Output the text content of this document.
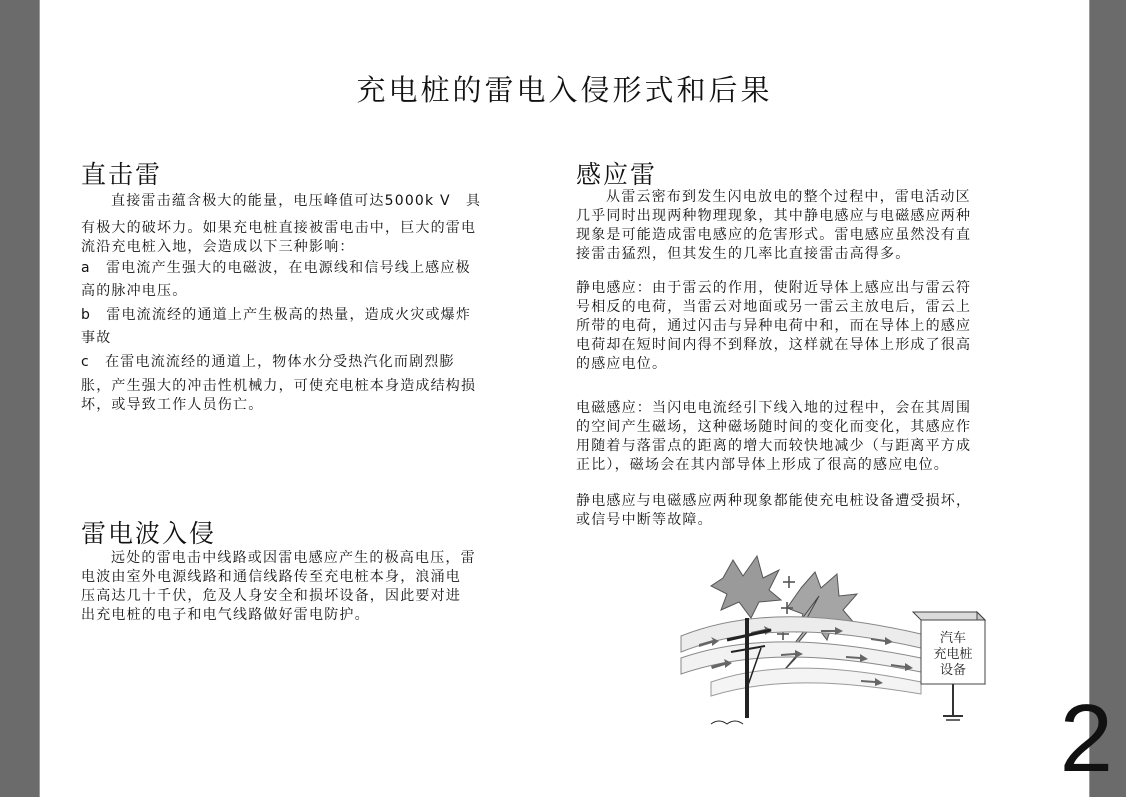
充电桩的雷电入侵形式和后果
直击雷

直接雷击蕴含极大的能量，电压峰值可达5000k V　具

有极大的破坏力。如果充电桩直接被雷电击中，巨大的雷电

流沿充电桩入地，会造成以下三种影响：

a　雷电流产生强大的电磁波，在电源线和信号线上感应极

高的脉冲电压。

b　雷电流流经的通道上产生极高的热量，造成火灾或爆炸

事故

c　在雷电流流经的通道上，物体水分受热汽化而剧烈膨

胀，产生强大的冲击性机械力，可使充电桩本身造成结构损

坏，或导致工作人员伤亡。

雷电波入侵

远处的雷电击中线路或因雷电感应产生的极高电压，雷

电波由室外电源线路和通信线路传至充电桩本身，浪涌电

压高达几十千伏，危及人身安全和损坏设备，因此要对进

出充电桩的电子和电气线路做好雷电防护。

感应雷

从雷云密布到发生闪电放电的整个过程中，雷电活动区

几乎同时出现两种物理现象，其中静电感应与电磁感应两种

现象是可能造成雷电感应的危害形式。雷电感应虽然没有直

接雷击猛烈，但其发生的几率比直接雷击高得多。

静电感应：由于雷云的作用，使附近导体上感应出与雷云符

号相反的电荷，当雷云对地面或另一雷云主放电后，雷云上

所带的电荷，通过闪击与异种电荷中和，而在导体上的感应

电荷却在短时间内得不到释放，这样就在导体上形成了很高

的感应电位。

电磁感应：当闪电电流经引下线入地的过程中，会在其周围

的空间产生磁场，这种磁场随时间的变化而变化，其感应作

用随着与落雷点的距离的增大而较快地减少（与距离平方成

正比），磁场会在其内部导体上形成了很高的感应电位。

静电感应与电磁感应两种现象都能使充电桩设备遭受损坏，

或信号中断等故障。

汽车
充电桩
设备
2
